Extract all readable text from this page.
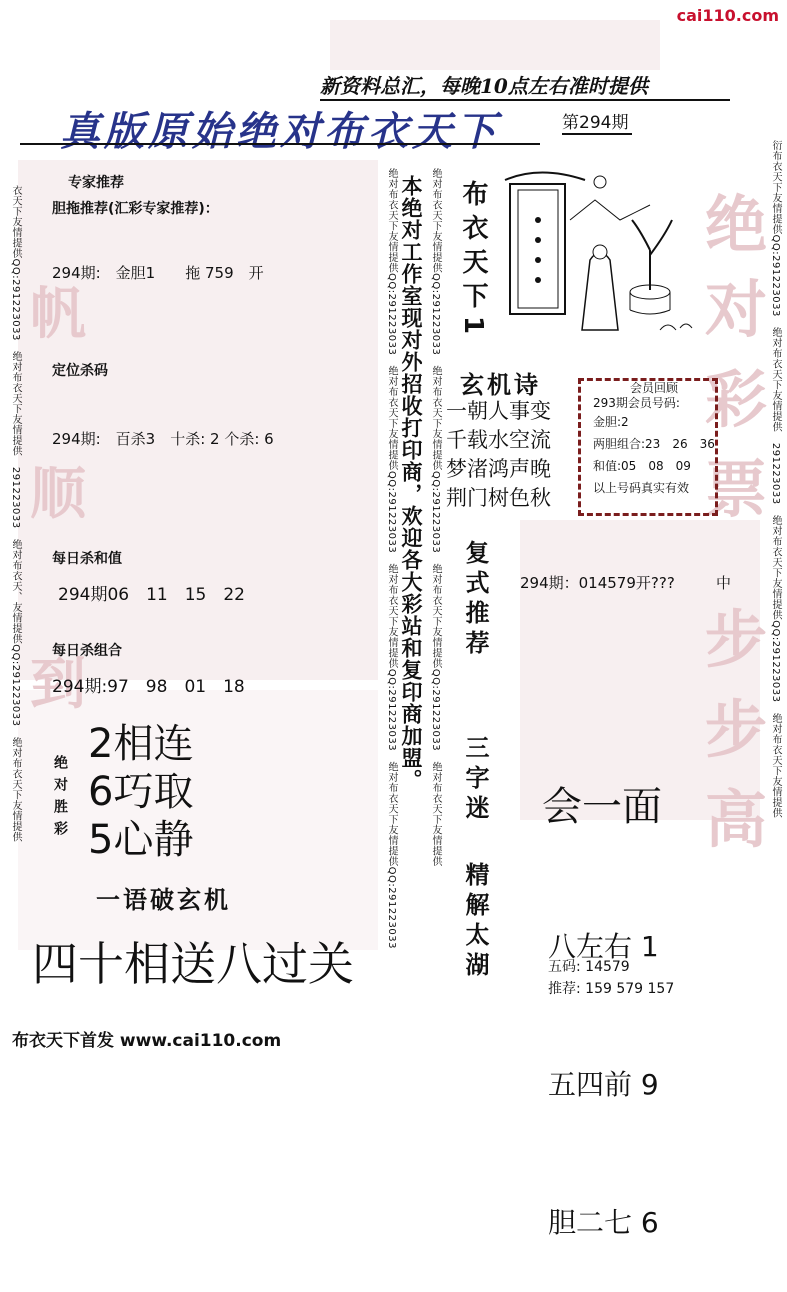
帆
顺
到
绝
对
彩
票
步
步
高
cai110.com
新资料总汇，每晚10点左右准时提供
真版原始绝对布衣天下	第294期
衣天下友情提供QQ:291223033　绝对布衣天下友情提供　291223033　绝对布衣天、友情提供QQ:291223033　绝对布衣天下友情提供
专家推荐
胆拖推荐(汇彩专家推荐)：
294期:　金胆1　　拖 759　开
定位杀码
294期:　百杀3　十杀: 2 个杀: 6
每日杀和值
294期06　11　15　22
每日杀组合
294期:97　98　01　18
绝对胜彩
2相连
6巧取
5心静
一语破玄机
四十相送八过关
绝对布衣天下友情提供QQ:291223033　绝对布衣天下友情提供QQ:291223033　绝对布衣天下友情提供QQ:291223033　绝对布衣天下友情提供QQ:291223033 本绝对工作室现对外招收打印商，欢迎各大彩站和复印商加盟。 绝对布衣天下友情提供QQ:291223033　绝对布衣天下友情提供QQ:291223033　绝对布衣天下友情提供QQ:291223033　绝对布衣天下友情提供 布衣天下1
复式推荐
三字迷
精解太湖
玄机诗
一朝人事变
千载水空流
梦渚鸿声晚
荆门树色秋
会员回顾
293期会员号码:
金胆:2
两胆组合:23　26　36
和值:05　08　09
以上号码真实有效
294期：014579开???	中
会一面

八左右 1

五四前 9

胆二七 6

五码: 14579
推荐: 159 579 157
衍布衣天下友情提供QQ:291223033　绝对布衣天下友情提供　291223033　绝对布衣天下友情提供QQ:291223033　绝对布衣天下友情提供
布衣天下首发 www.cai110.com
